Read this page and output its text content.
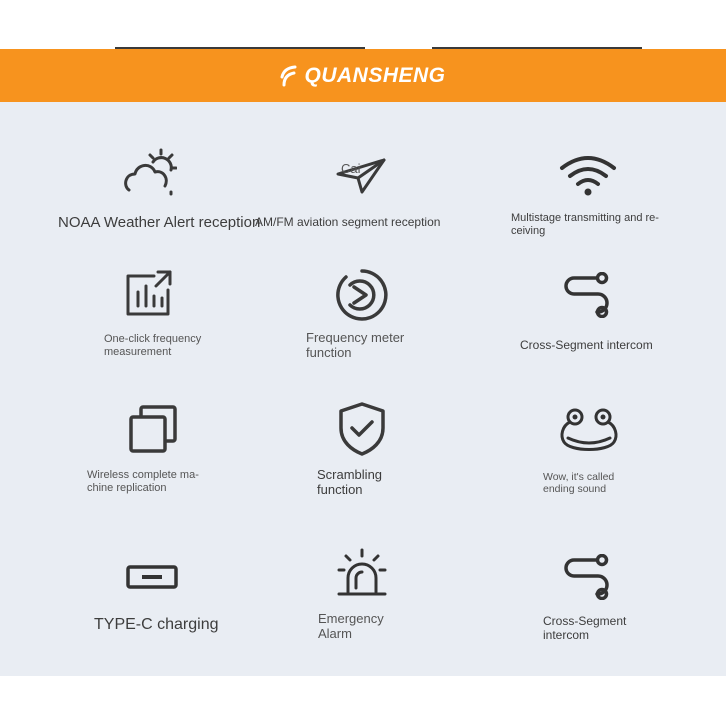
QUANSHENG
NOAA Weather Alert reception
Cai
AM/FM aviation segment reception	Multistage transmitting and re-
ceiving
One-click frequency
measurement
Frequency meter
function	Cross-Segment intercom
Wireless complete ma-
chine replication
Scrambling
function
Wow, it's called
ending sound
TYPE-C charging	Emergency
Alarm
Cross-Segment
intercom
